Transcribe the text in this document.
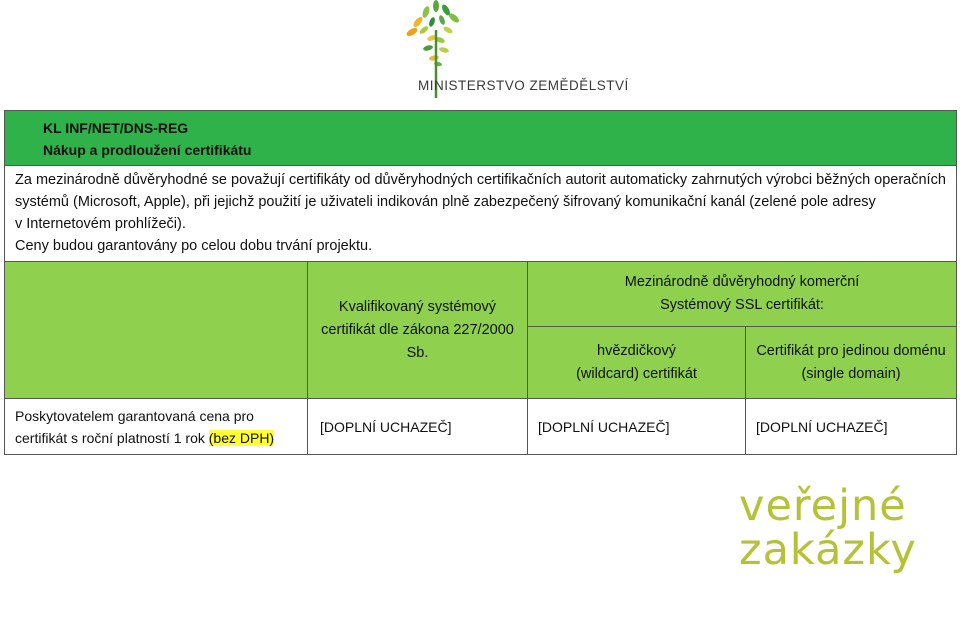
MINISTERSTVO ZEMĚDĚLSTVÍ
KL INF/NET/DNS-REG
Nákup a prodloužení certifikátu			

Za mezinárodně důvěryhodné se považují certifikáty od důvěryhodných certifikačních autorit automaticky zahrnutých výrobci běžných operačních
systémů (Microsoft, Apple), při jejichž použití je uživateli indikován plně zabezpečený šifrovaný komunikační kanál (zelené pole adresy
v Internetovém prohlížeči).
Ceny budou garantovány po celou dobu trvání projektu.			

	Kvalifikovaný systémový certifikát dle zákona 227/2000 Sb.	Mezinárodně důvěryhodný komerční Systémový SSL certifikát:	

		hvězdičkový (wildcard) certifikát	Certifikát pro jedinou doménu (single domain)

Poskytovatelem garantovaná cena pro certifikát s roční platností 1 rok (bez DPH)	[DOPLNÍ UCHAZEČ]	[DOPLNÍ UCHAZEČ]	[DOPLNÍ UCHAZEČ]
veřejné
zakázky
